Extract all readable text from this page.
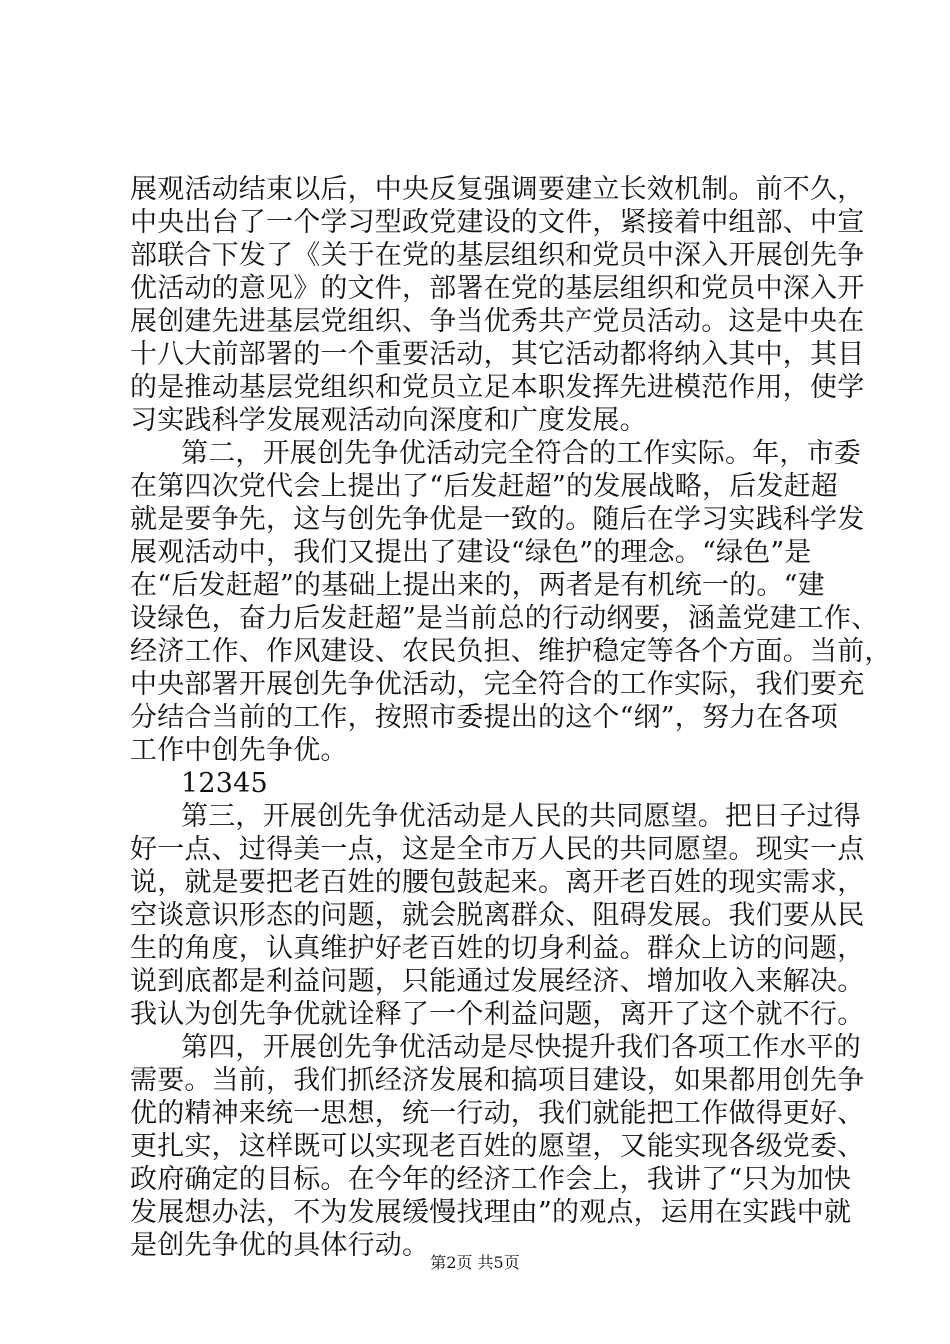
展观活动结束以后，中央反复强调要建立长效机制。前不久，
中央出台了一个学习型政党建设的文件，紧接着中组部、中宣
部联合下发了《关于在党的基层组织和党员中深入开展创先争
优活动的意见》的文件，部署在党的基层组织和党员中深入开
展创建先进基层党组织、争当优秀共产党员活动。这是中央在
十八大前部署的一个重要活动，其它活动都将纳入其中，其目
的是推动基层党组织和党员立足本职发挥先进模范作用，使学
习实践科学发展观活动向深度和广度发展。
第二，开展创先争优活动完全符合的工作实际。年，市委
在第四次党代会上提出了“后发赶超”的发展战略，后发赶超
就是要争先，这与创先争优是一致的。随后在学习实践科学发
展观活动中，我们又提出了建设“绿色”的理念。“绿色”是
在“后发赶超”的基础上提出来的，两者是有机统一的。“建
设绿色，奋力后发赶超”是当前总的行动纲要，涵盖党建工作、
经济工作、作风建设、农民负担、维护稳定等各个方面。当前，
中央部署开展创先争优活动，完全符合的工作实际，我们要充
分结合当前的工作，按照市委提出的这个“纲”，努力在各项
工作中创先争优。
12345
第三，开展创先争优活动是人民的共同愿望。把日子过得
好一点、过得美一点，这是全市万人民的共同愿望。现实一点
说，就是要把老百姓的腰包鼓起来。离开老百姓的现实需求，
空谈意识形态的问题，就会脱离群众、阻碍发展。我们要从民
生的角度，认真维护好老百姓的切身利益。群众上访的问题，
说到底都是利益问题，只能通过发展经济、增加收入来解决。
我认为创先争优就诠释了一个利益问题，离开了这个就不行。
第四，开展创先争优活动是尽快提升我们各项工作水平的
需要。当前，我们抓经济发展和搞项目建设，如果都用创先争
优的精神来统一思想，统一行动，我们就能把工作做得更好、
更扎实，这样既可以实现老百姓的愿望，又能实现各级党委、
政府确定的目标。在今年的经济工作会上，我讲了“只为加快
发展想办法，不为发展缓慢找理由”的观点，运用在实践中就
是创先争优的具体行动。
第2页 共5页
